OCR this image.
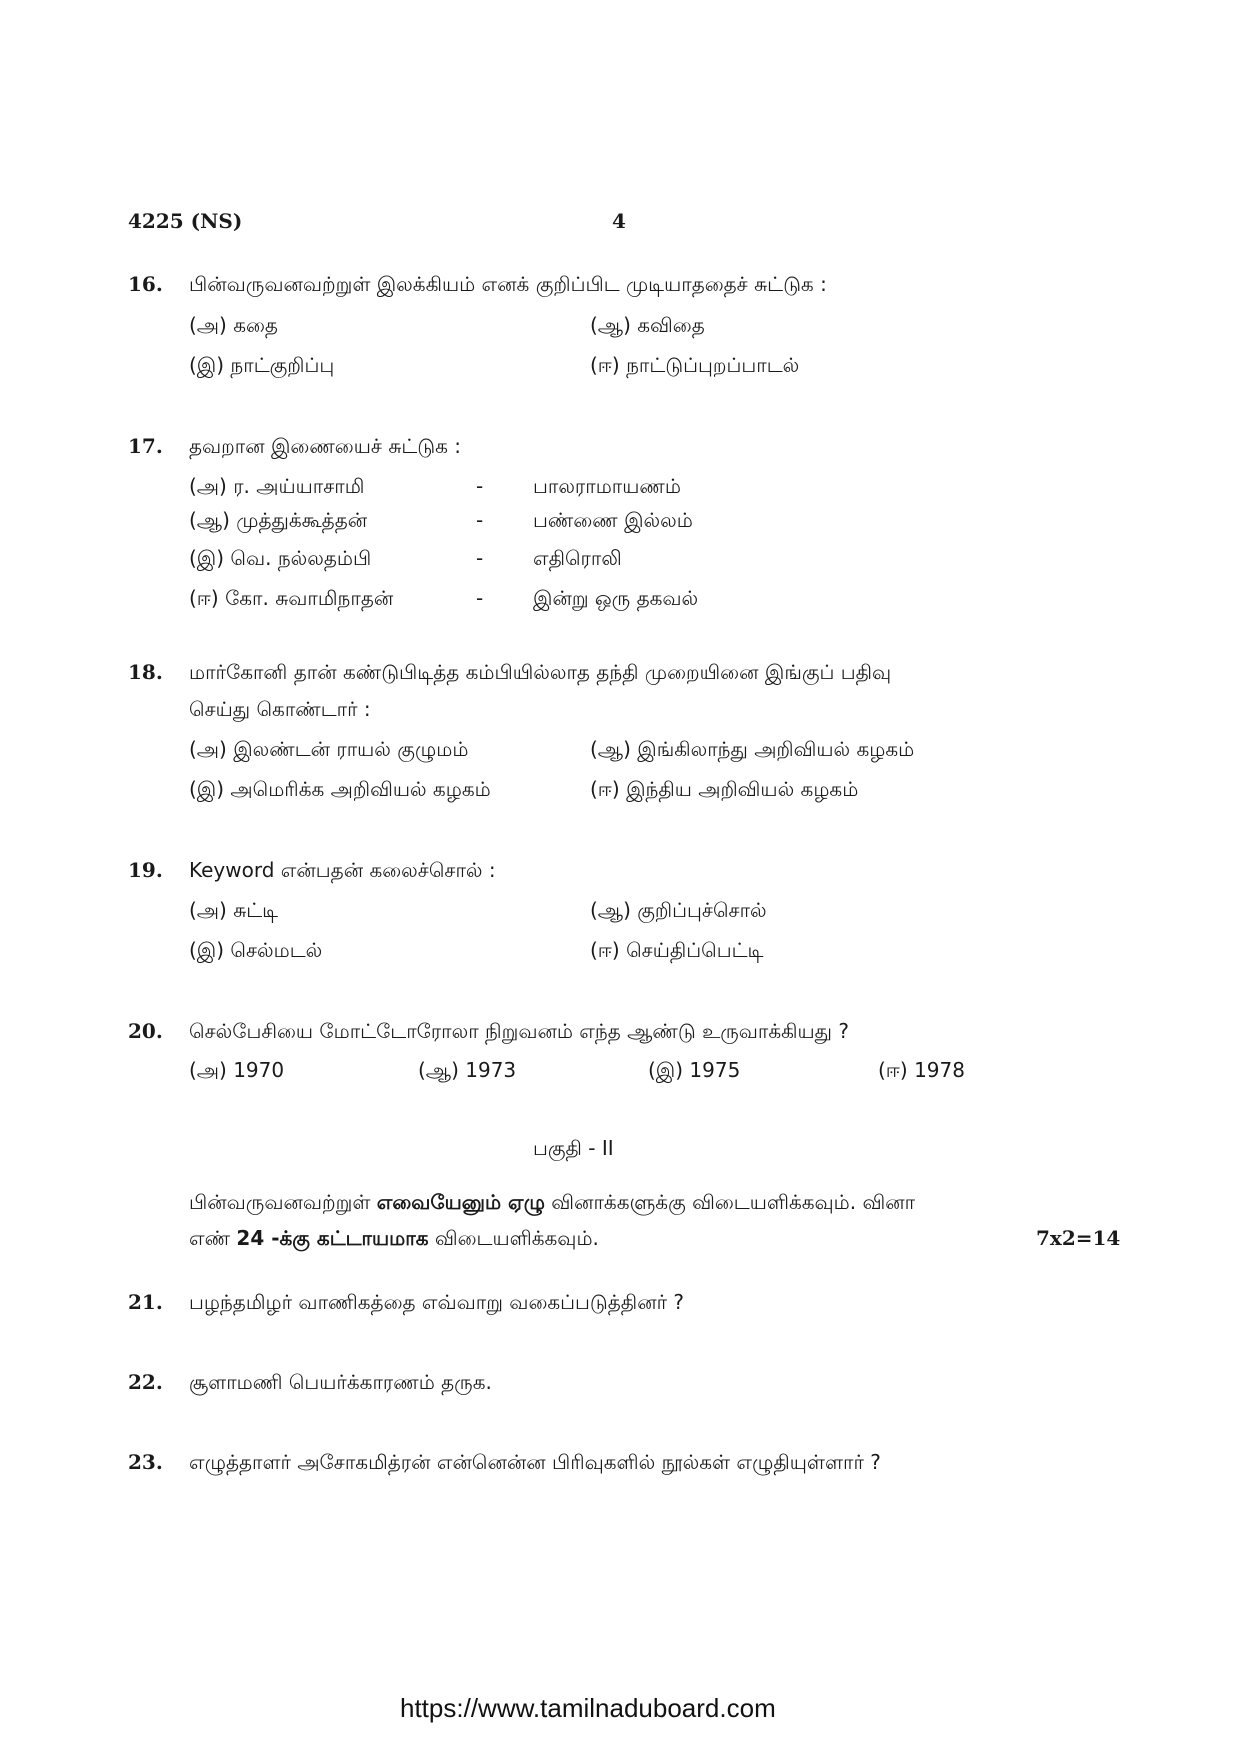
4225 (NS)	4
16. பின்வருவனவற்றுள் இலக்கியம் எனக் குறிப்பிட முடியாததைச் சுட்டுக :
(அ) கதை	(ஆ) கவிதை
(இ) நாட்குறிப்பு	(ஈ) நாட்டுப்புறப்பாடல்
17. தவறான இணையைச் சுட்டுக :
(அ) ர. அய்யாசாமி	- பாலராமாயணம்
(ஆ) முத்துக்கூத்தன்	- பண்ணை இல்லம்
(இ) வெ. நல்லதம்பி	- எதிரொலி
(ஈ) கோ. சுவாமிநாதன்	- இன்று ஒரு தகவல்
18. மார்கோனி தான் கண்டுபிடித்த கம்பியில்லாத தந்தி முறையினை இங்குப் பதிவு
செய்து கொண்டார் :
(அ) இலண்டன் ராயல் குழுமம்	(ஆ) இங்கிலாந்து அறிவியல் கழகம்
(இ) அமெரிக்க அறிவியல் கழகம்	(ஈ) இந்திய அறிவியல் கழகம்
19. Keyword என்பதன் கலைச்சொல் :
(அ) சுட்டி	(ஆ) குறிப்புச்சொல்
(இ) செல்மடல்	(ஈ) செய்திப்பெட்டி
20. செல்பேசியை மோட்டோரோலா நிறுவனம் எந்த ஆண்டு உருவாக்கியது ?
(அ) 1970	(ஆ) 1973	(இ) 1975	(ஈ) 1978
பகுதி - II
பின்வருவனவற்றுள் எவையேனும் ஏழு வினாக்களுக்கு விடையளிக்கவும். வினா
எண் 24 -க்கு கட்டாயமாக விடையளிக்கவும்.	7x2=14
21. பழந்தமிழர் வாணிகத்தை எவ்வாறு வகைப்படுத்தினர் ?
22. சூளாமணி பெயர்க்காரணம் தருக.
23. எழுத்தாளர் அசோகமித்ரன் என்னென்ன பிரிவுகளில் நூல்கள் எழுதியுள்ளார் ?
https://www.tamilnaduboard.com
